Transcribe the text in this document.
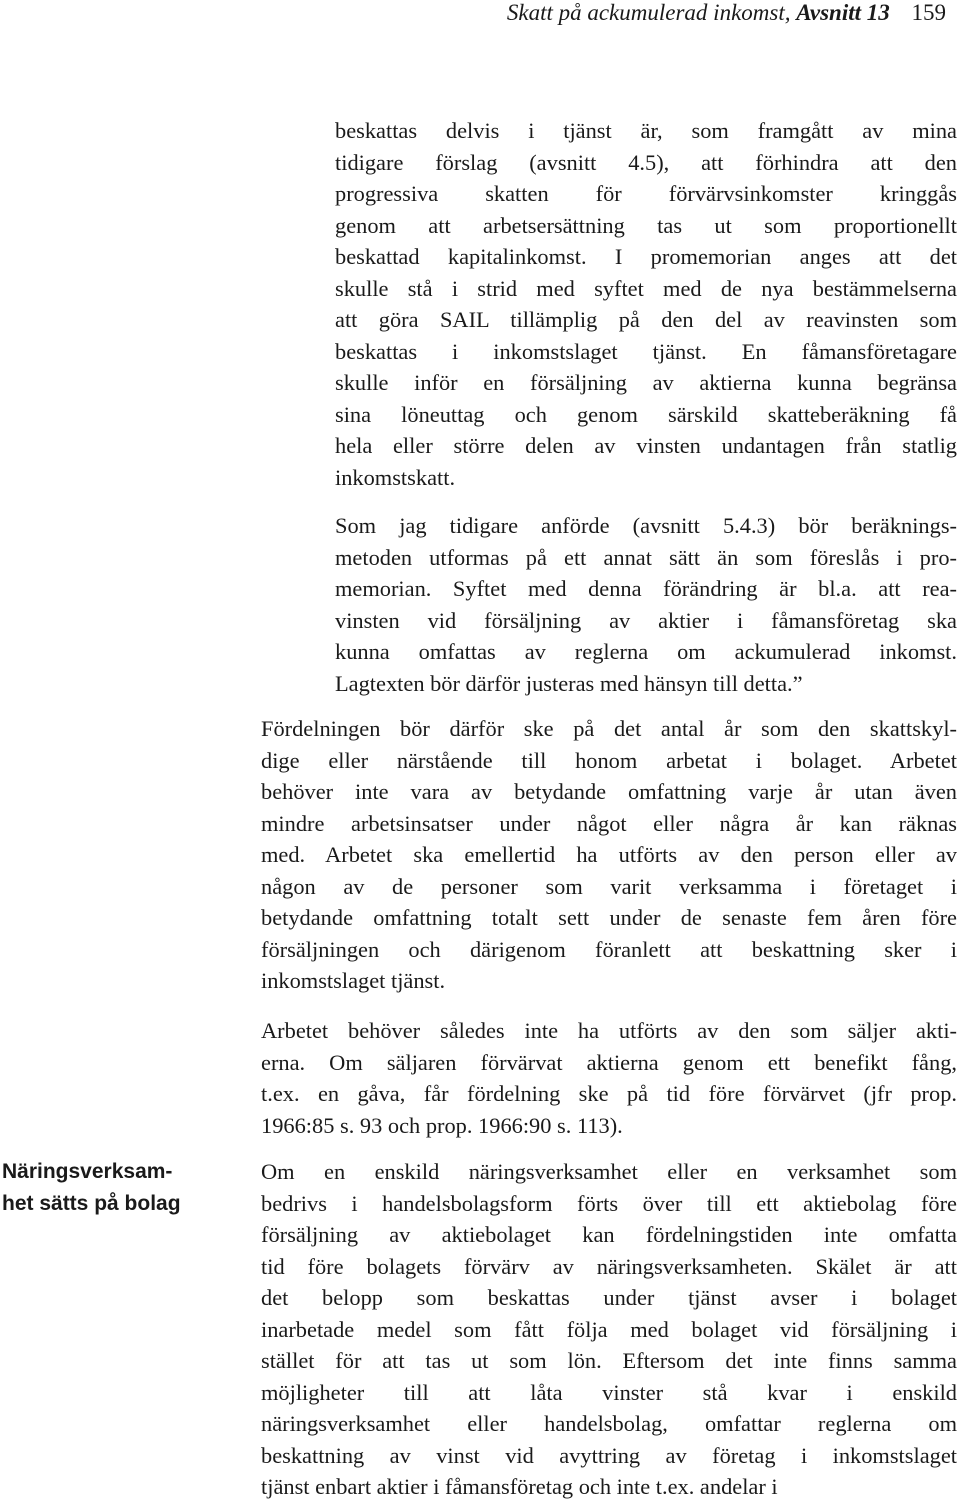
Skatt på ackumulerad inkomst, Avsnitt 13 159
beskattas delvis i tjänst är, som framgått av mina
tidigare förslag (avsnitt 4.5), att förhindra att den
progressiva skatten för förvärvsinkomster kringgås
genom att arbetsersättning tas ut som proportionellt
beskattad kapitalinkomst. I promemorian anges att det
skulle stå i strid med syftet med de nya bestämmelserna
att göra SAIL tillämplig på den del av reavinsten som
beskattas i inkomstslaget tjänst. En fåmansföretagare
skulle inför en försäljning av aktierna kunna begränsa
sina löneuttag och genom särskild skatteberäkning få
hela eller större delen av vinsten undantagen från statlig
inkomstskatt.
Som jag tidigare anförde (avsnitt 5.4.3) bör beräknings-
metoden utformas på ett annat sätt än som föreslås i pro-
memorian. Syftet med denna förändring är bl.a. att rea-
vinsten vid försäljning av aktier i fåmansföretag ska
kunna omfattas av reglerna om ackumulerad inkomst.
Lagtexten bör därför justeras med hänsyn till detta.”
Fördelningen bör därför ske på det antal år som den skattskyl-
dige eller närstående till honom arbetat i bolaget. Arbetet
behöver inte vara av betydande omfattning varje år utan även
mindre arbetsinsatser under något eller några år kan räknas
med. Arbetet ska emellertid ha utförts av den person eller av
någon av de personer som varit verksamma i företaget i
betydande omfattning totalt sett under de senaste fem åren före
försäljningen och därigenom föranlett att beskattning sker i
inkomstslaget tjänst.
Arbetet behöver således inte ha utförts av den som säljer akti-
erna. Om säljaren förvärvat aktierna genom ett benefikt fång,
t.ex. en gåva, får fördelning ske på tid före förvärvet (jfr prop.
1966:85 s. 93 och prop. 1966:90 s. 113).
Om en enskild näringsverksamhet eller en verksamhet som
bedrivs i handelsbolagsform förts över till ett aktiebolag före
försäljning av aktiebolaget kan fördelningstiden inte omfatta
tid före bolagets förvärv av näringsverksamheten. Skälet är att
det belopp som beskattas under tjänst avser i bolaget
inarbetade medel som fått följa med bolaget vid försäljning i
stället för att tas ut som lön. Eftersom det inte finns samma
möjligheter till att låta vinster stå kvar i enskild
näringsverksamhet eller handelsbolag, omfattar reglerna om
beskattning av vinst vid avyttring av företag i inkomstslaget
tjänst enbart aktier i fåmansföretag och inte t.ex. andelar i
Näringsverksam-
het sätts på bolag
